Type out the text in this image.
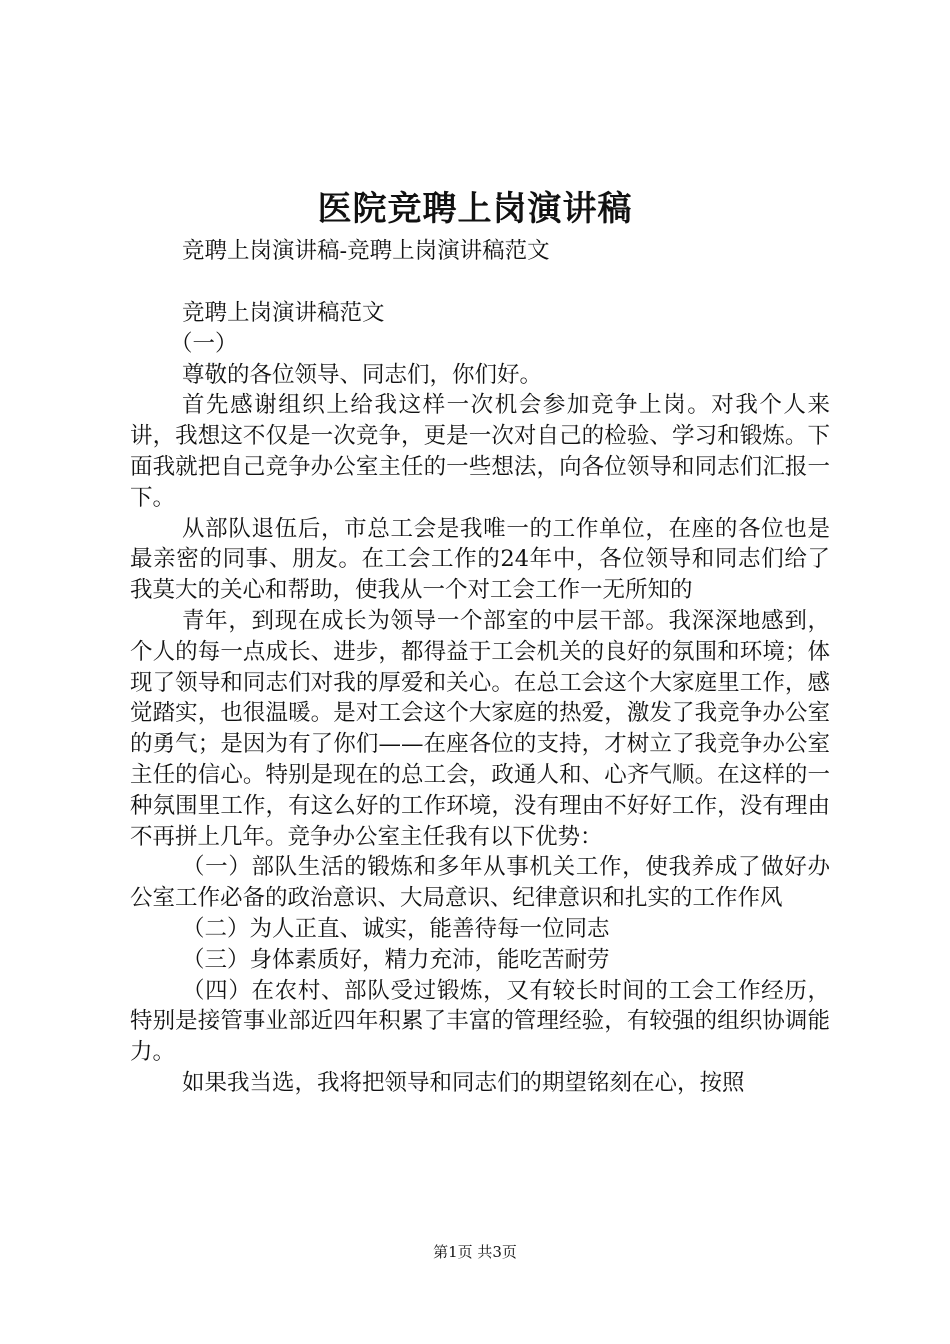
医院竞聘上岗演讲稿
竞聘上岗演讲稿-竞聘上岗演讲稿范文

竞聘上岗演讲稿范文

（一）

尊敬的各位领导、同志们，你们好。

首先感谢组织上给我这样一次机会参加竞争上岗。对我个人来讲，我想这不仅是一次竞争，更是一次对自己的检验、学习和锻炼。下面我就把自己竞争办公室主任的一些想法，向各位领导和同志们汇报一下。

从部队退伍后，市总工会是我唯一的工作单位，在座的各位也是最亲密的同事、朋友。在工会工作的24年中，各位领导和同志们给了我莫大的关心和帮助，使我从一个对工会工作一无所知的

青年，到现在成长为领导一个部室的中层干部。我深深地感到，个人的每一点成长、进步，都得益于工会机关的良好的氛围和环境；体现了领导和同志们对我的厚爱和关心。在总工会这个大家庭里工作，感觉踏实，也很温暖。是对工会这个大家庭的热爱，激发了我竞争办公室的勇气；是因为有了你们——在座各位的支持，才树立了我竞争办公室主任的信心。特别是现在的总工会，政通人和、心齐气顺。在这样的一种氛围里工作，有这么好的工作环境，没有理由不好好工作，没有理由不再拼上几年。竞争办公室主任我有以下优势：

（一）部队生活的锻炼和多年从事机关工作，使我养成了做好办公室工作必备的政治意识、大局意识、纪律意识和扎实的工作作风

（二）为人正直、诚实，能善待每一位同志

（三）身体素质好，精力充沛，能吃苦耐劳

（四）在农村、部队受过锻炼，又有较长时间的工会工作经历，特别是接管事业部近四年积累了丰富的管理经验，有较强的组织协调能力。

如果我当选，我将把领导和同志们的期望铭刻在心，按照

第1页 共3页
